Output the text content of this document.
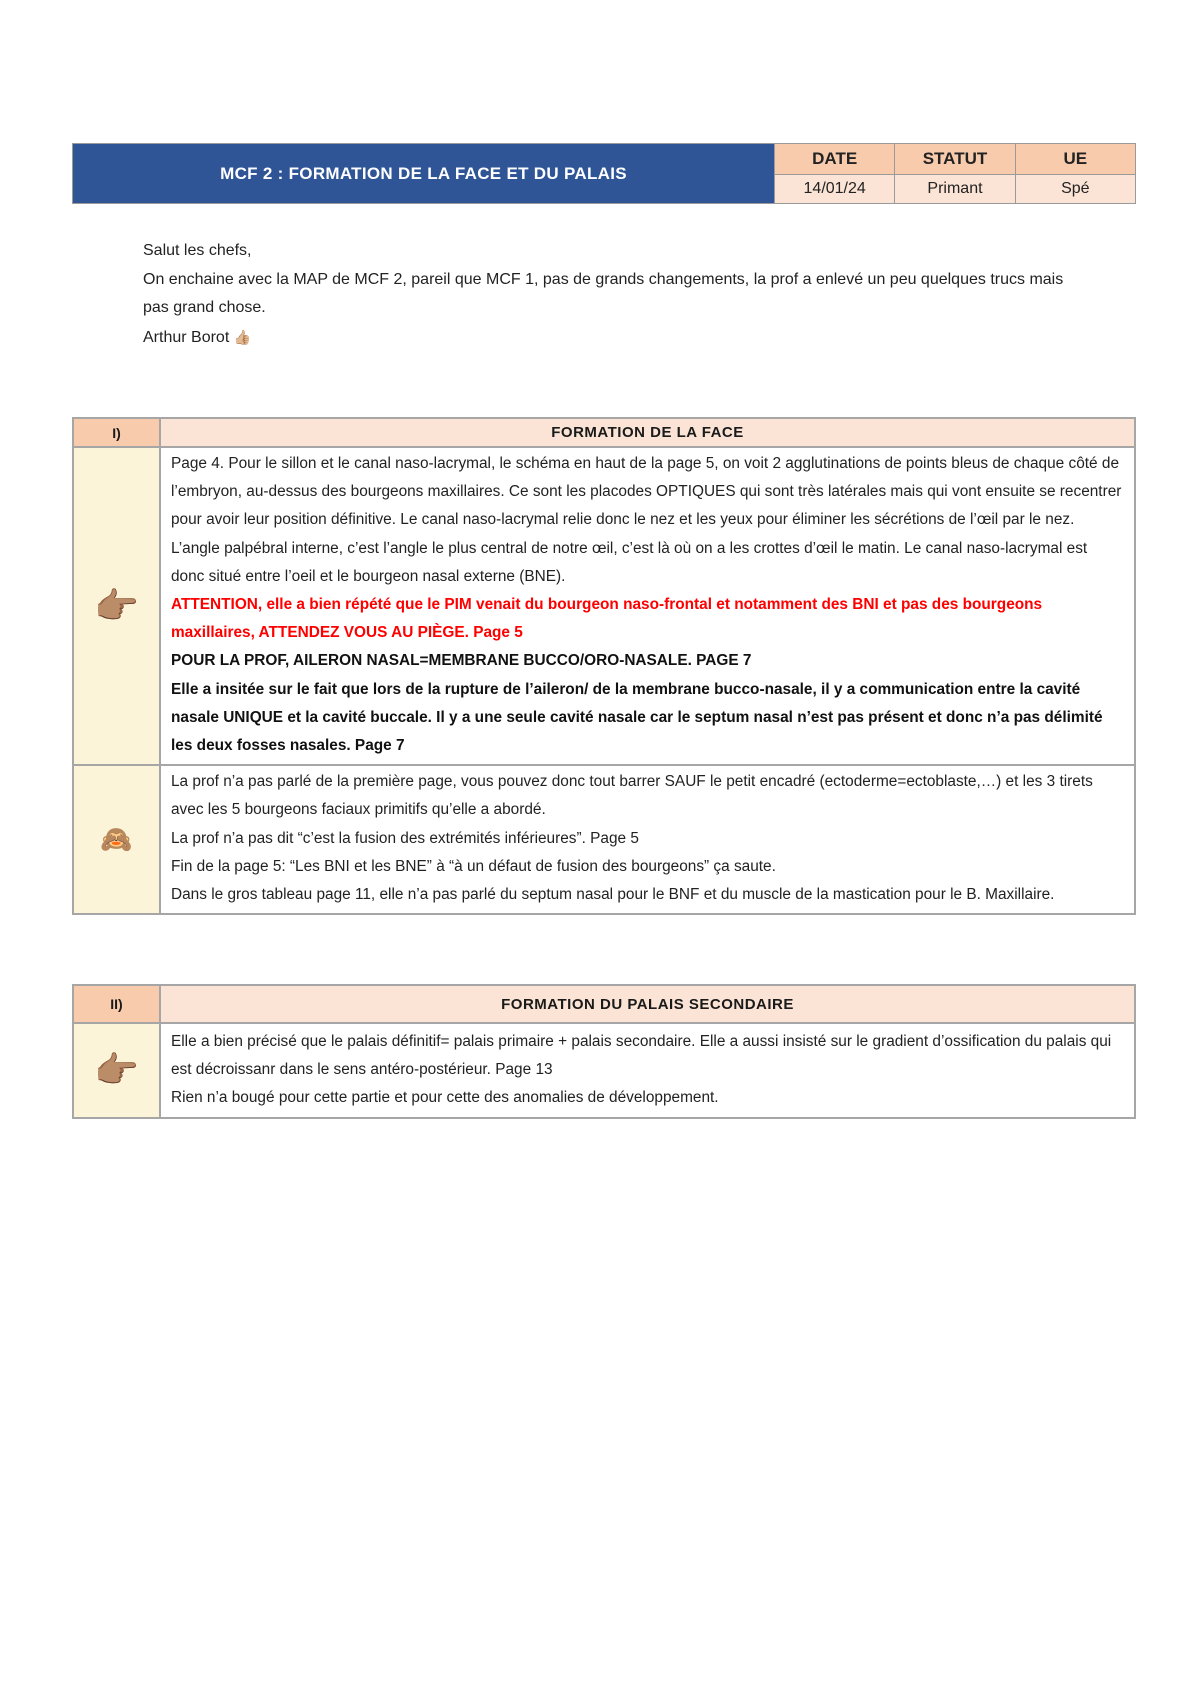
MCF 2 : FORMATION DE LA FACE ET DU PALAIS
DATE
14/01/24
STATUT
Primant
UE
Spé

Salut les chefs,

On enchaine avec la MAP de MCF 2, pareil que MCF 1, pas de grands changements, la prof a enlevé un peu quelques trucs mais pas grand chose.

Arthur Borot 👍🏼

I)	FORMATION DE LA FACE
👉🏽

Page 4. Pour le sillon et le canal naso-lacrymal, le schéma en haut de la page 5, on voit 2 agglutinations de points bleus de chaque côté de l’embryon, au-dessus des bourgeons maxillaires. Ce sont les placodes OPTIQUES qui sont très latérales mais qui vont ensuite se recentrer pour avoir leur position définitive. Le canal naso-lacrymal relie donc le nez et les yeux pour éliminer les sécrétions de l’œil par le nez. L’angle palpébral interne, c’est l’angle le plus central de notre œil, c’est là où on a les crottes d’œil le matin. Le canal naso-lacrymal est donc situé entre l’oeil et le bourgeon nasal externe (BNE).

ATTENTION, elle a bien répété que le PIM venait du bourgeon naso-frontal et notamment des BNI et pas des bourgeons maxillaires, ATTENDEZ VOUS AU PIÈGE. Page 5

POUR LA PROF, AILERON NASAL=MEMBRANE BUCCO/ORO-NASALE. PAGE 7

Elle a insitée sur le fait que lors de la rupture de l’aileron/ de la membrane bucco-nasale, il y a communication entre la cavité nasale UNIQUE et la cavité buccale. Il y a une seule cavité nasale car le septum nasal n’est pas présent et donc n’a pas délimité les deux fosses nasales. Page 7

🙈

La prof n’a pas parlé de la première page, vous pouvez donc tout barrer SAUF le petit encadré (ectoderme=ectoblaste,…) et les 3 tirets avec les 5 bourgeons faciaux primitifs qu’elle a abordé.

La prof n’a pas dit “c’est la fusion des extrémités inférieures”. Page 5

Fin de la page 5: “Les BNI et les BNE” à “à un défaut de fusion des bourgeons” ça saute.

Dans le gros tableau page 11, elle n’a pas parlé du septum nasal pour le BNF et du muscle de la mastication pour le B. Maxillaire.

II)	FORMATION DU PALAIS SECONDAIRE
👉🏽

Elle a bien précisé que le palais définitif= palais primaire + palais secondaire. Elle a aussi insisté sur le gradient d’ossification du palais qui est décroissanr dans le sens antéro-postérieur. Page 13

Rien n’a bougé pour cette partie et pour cette des anomalies de développement.
